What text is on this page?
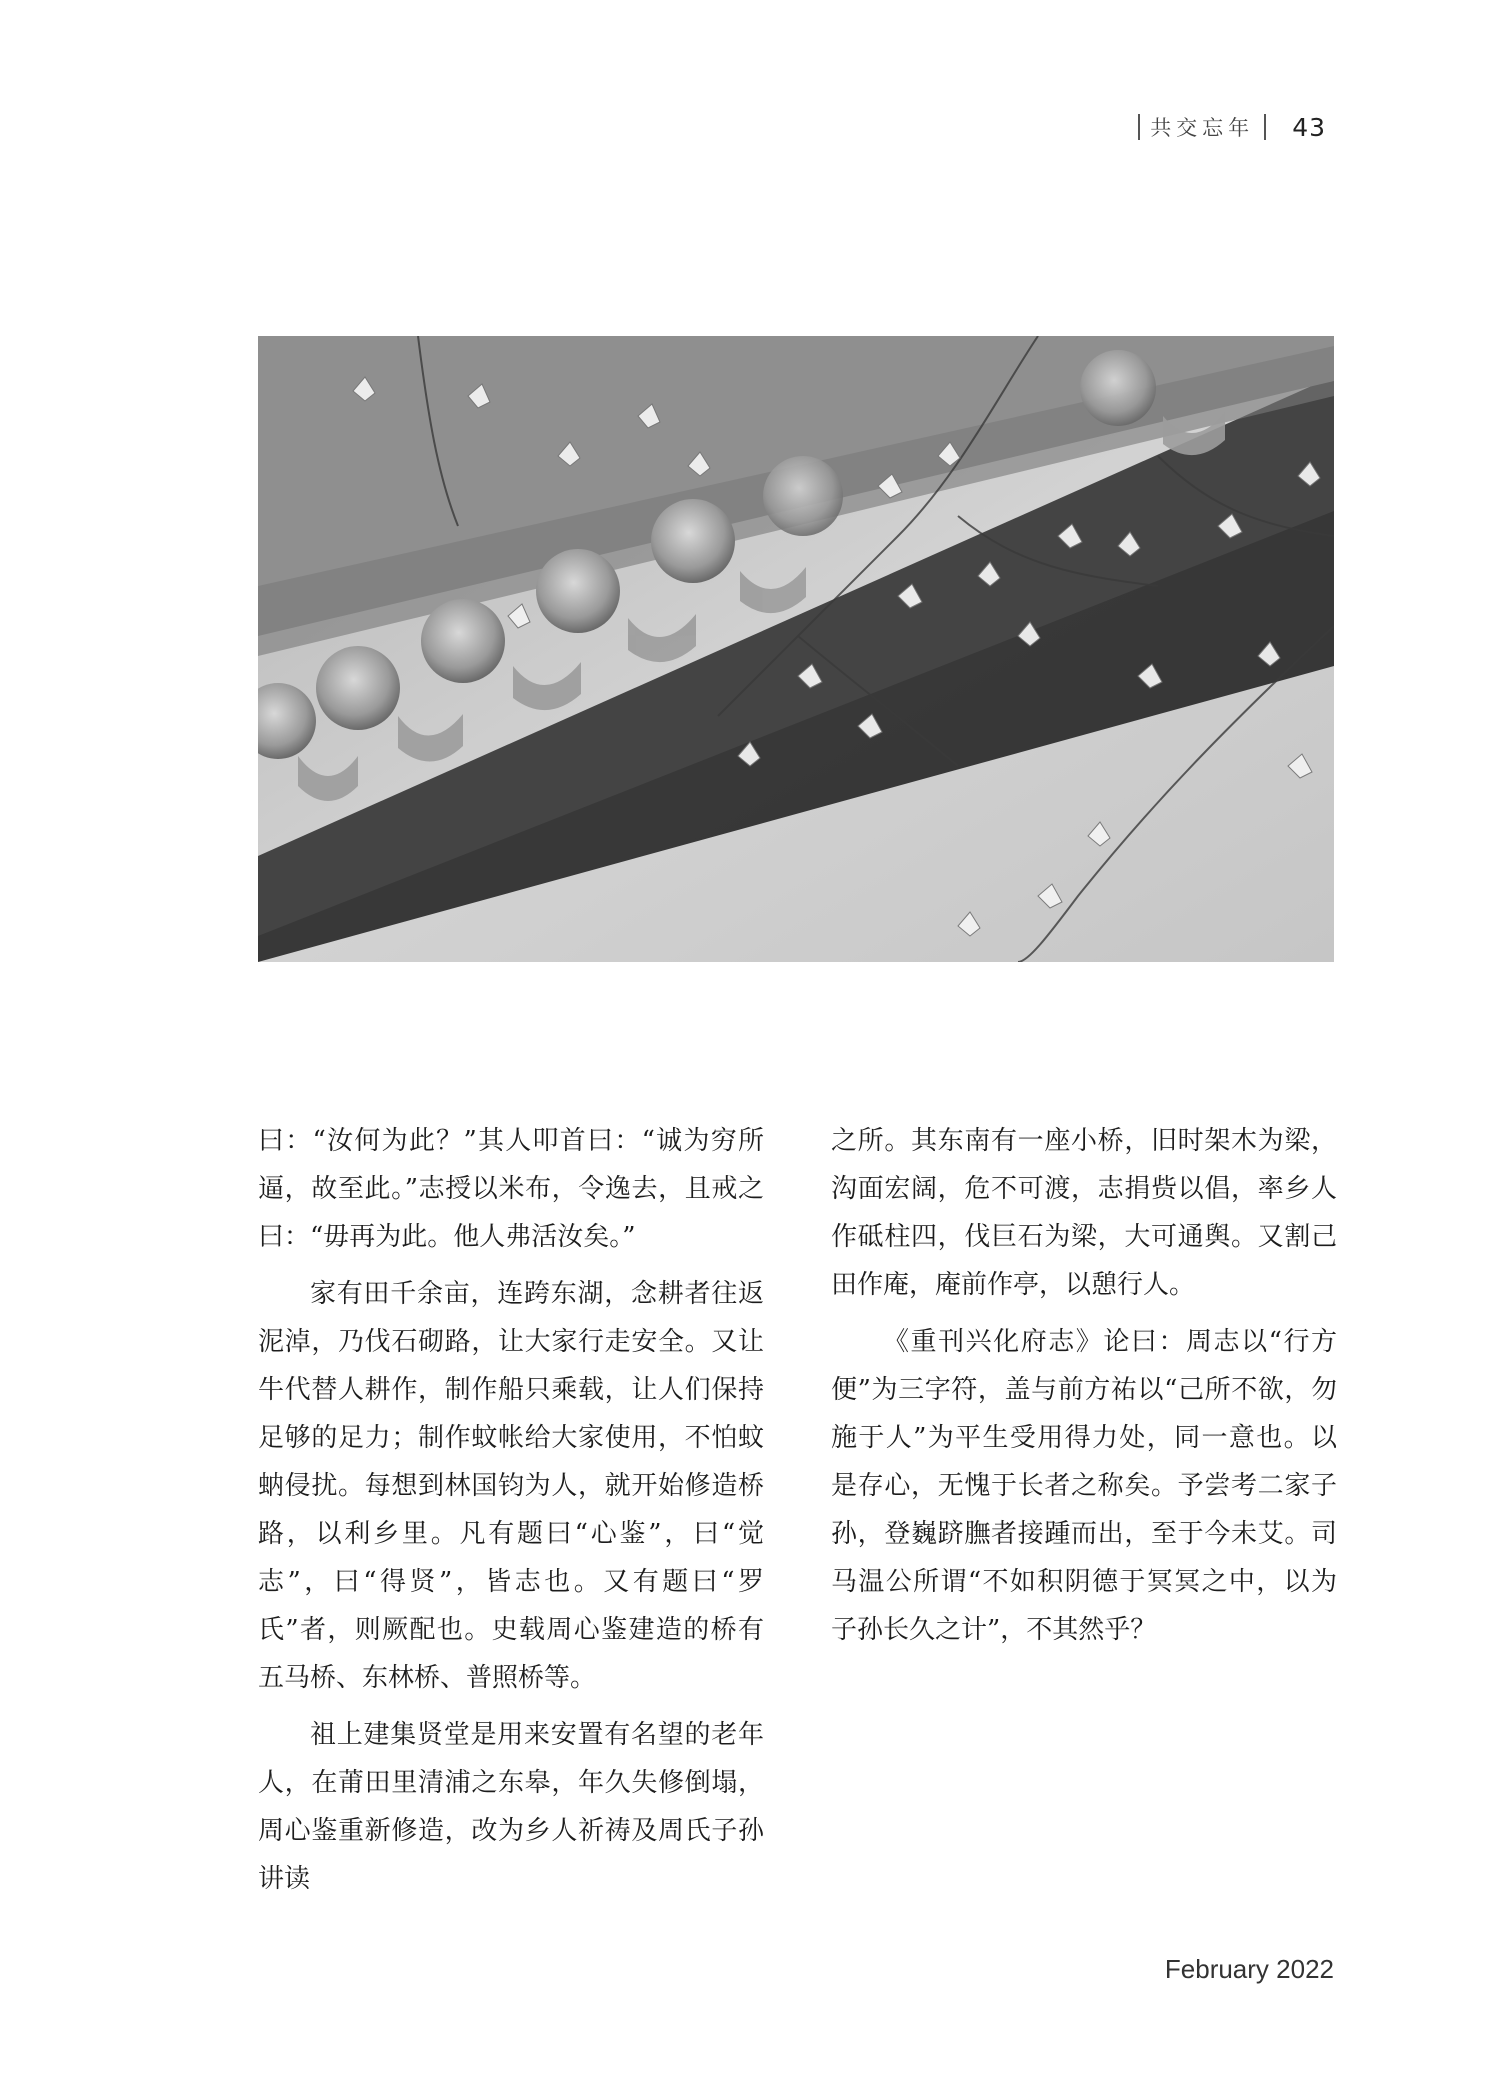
共交忘年 43

曰：“汝何为此？”其人叩首曰：“诚为穷所逼，故至此。”志授以米布，令逸去，且戒之曰：“毋再为此。他人弗活汝矣。”

家有田千余亩，连跨东湖，念耕者往返泥淖，乃伐石砌路，让大家行走安全。又让牛代替人耕作，制作船只乘载，让人们保持足够的足力；制作蚊帐给大家使用，不怕蚊蚋侵扰。每想到林国钧为人，就开始修造桥路，以利乡里。凡有题曰“心鉴”，曰“觉志”，曰“得贤”，皆志也。又有题曰“罗氏”者，则厥配也。史载周心鉴建造的桥有五马桥、东林桥、普照桥等。

祖上建集贤堂是用来安置有名望的老年人，在莆田里清浦之东皋，年久失修倒塌，周心鉴重新修造，改为乡人祈祷及周氏子孙讲读

之所。其东南有一座小桥，旧时架木为梁，沟面宏阔，危不可渡，志捐赀以倡，率乡人作砥柱四，伐巨石为梁，大可通舆。又割己田作庵，庵前作亭，以憩行人。

《重刊兴化府志》论曰：周志以“行方便”为三字符，盖与前方祐以“己所不欲，勿施于人”为平生受用得力处，同一意也。以是存心，无愧于长者之称矣。予尝考二家子孙，登巍跻膴者接踵而出，至于今未艾。司马温公所谓“不如积阴德于冥冥之中，以为子孙长久之计”，不其然乎？

February 2022
